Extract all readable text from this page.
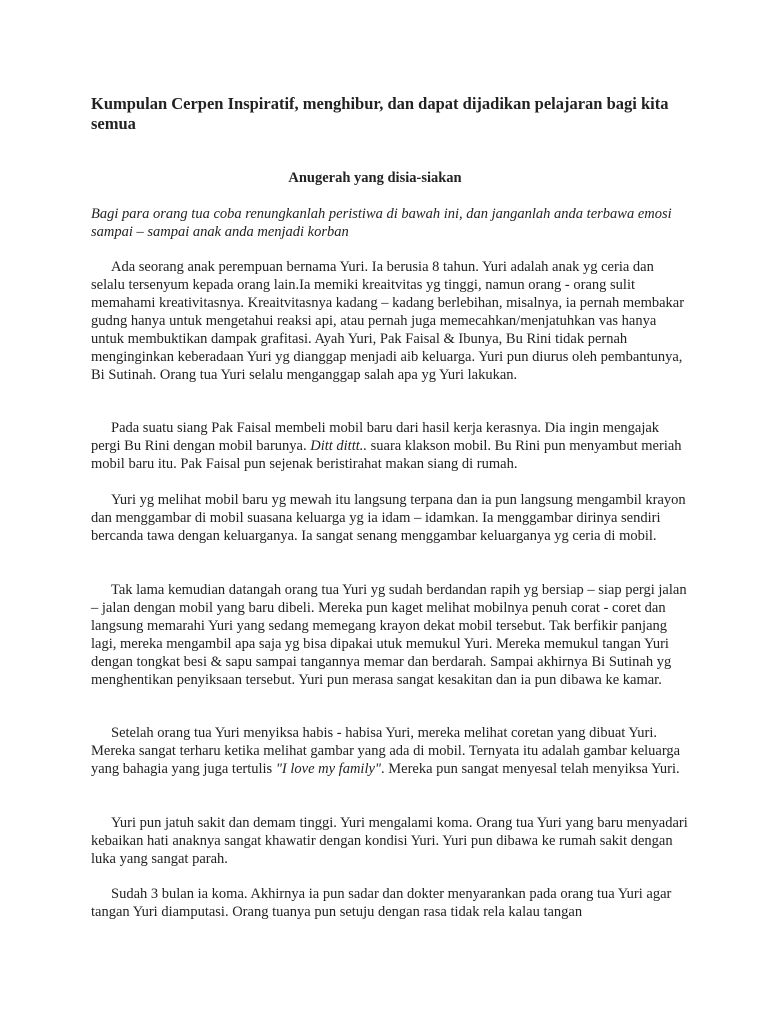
Kumpulan Cerpen Inspiratif, menghibur, dan dapat dijadikan pelajaran bagi kita semua
Anugerah yang disia-siakan

Bagi para orang tua coba renungkanlah peristiwa di bawah ini, dan janganlah anda terbawa emosi sampai – sampai anak anda menjadi korban

Ada seorang anak perempuan bernama Yuri. Ia berusia 8 tahun. Yuri adalah anak yg ceria dan selalu tersenyum kepada orang lain.Ia memiki kreaitvitas yg tinggi, namun orang - orang sulit memahami kreativitasnya. Kreaitvitasnya kadang – kadang berlebihan, misalnya, ia pernah membakar gudng hanya untuk mengetahui reaksi api, atau pernah juga memecahkan/menjatuhkan vas hanya untuk membuktikan dampak grafitasi. Ayah Yuri, Pak Faisal & Ibunya, Bu Rini tidak pernah menginginkan keberadaan Yuri yg dianggap menjadi aib keluarga. Yuri pun diurus oleh pembantunya, Bi Sutinah. Orang tua Yuri selalu menganggap salah apa yg Yuri lakukan.

Pada suatu siang Pak Faisal membeli mobil baru dari hasil kerja kerasnya. Dia ingin mengajak pergi Bu Rini dengan mobil barunya. Ditt dittt.. suara klakson mobil. Bu Rini pun menyambut meriah mobil baru itu. Pak Faisal pun sejenak beristirahat makan siang di rumah.

Yuri yg melihat mobil baru yg mewah itu langsung terpana dan ia pun langsung mengambil krayon dan menggambar di mobil suasana keluarga yg ia idam – idamkan. Ia menggambar dirinya sendiri bercanda tawa dengan keluarganya. Ia sangat senang menggambar keluarganya yg ceria di mobil.

Tak lama kemudian datangah orang tua Yuri yg sudah berdandan rapih yg bersiap – siap pergi jalan – jalan dengan mobil yang baru dibeli. Mereka pun kaget melihat mobilnya penuh corat - coret dan langsung memarahi Yuri yang sedang memegang krayon dekat mobil tersebut. Tak berfikir panjang lagi, mereka mengambil apa saja yg bisa dipakai utuk memukul Yuri. Mereka memukul tangan Yuri dengan tongkat besi & sapu sampai tangannya memar dan berdarah. Sampai akhirnya Bi Sutinah yg menghentikan penyiksaan tersebut. Yuri pun merasa sangat kesakitan dan ia pun dibawa ke kamar.

Setelah orang tua Yuri menyiksa habis - habisa Yuri, mereka melihat coretan yang dibuat Yuri. Mereka sangat terharu ketika melihat gambar yang ada di mobil. Ternyata itu adalah gambar keluarga yang bahagia yang juga tertulis "I love my family". Mereka pun sangat menyesal telah menyiksa Yuri.

Yuri pun jatuh sakit dan demam tinggi. Yuri mengalami koma. Orang tua Yuri yang baru menyadari kebaikan hati anaknya sangat khawatir dengan kondisi Yuri. Yuri pun dibawa ke rumah sakit dengan luka yang sangat parah.

Sudah 3 bulan ia koma. Akhirnya ia pun sadar dan dokter menyarankan pada orang tua Yuri agar tangan Yuri diamputasi. Orang tuanya pun setuju dengan rasa tidak rela kalau tangan
